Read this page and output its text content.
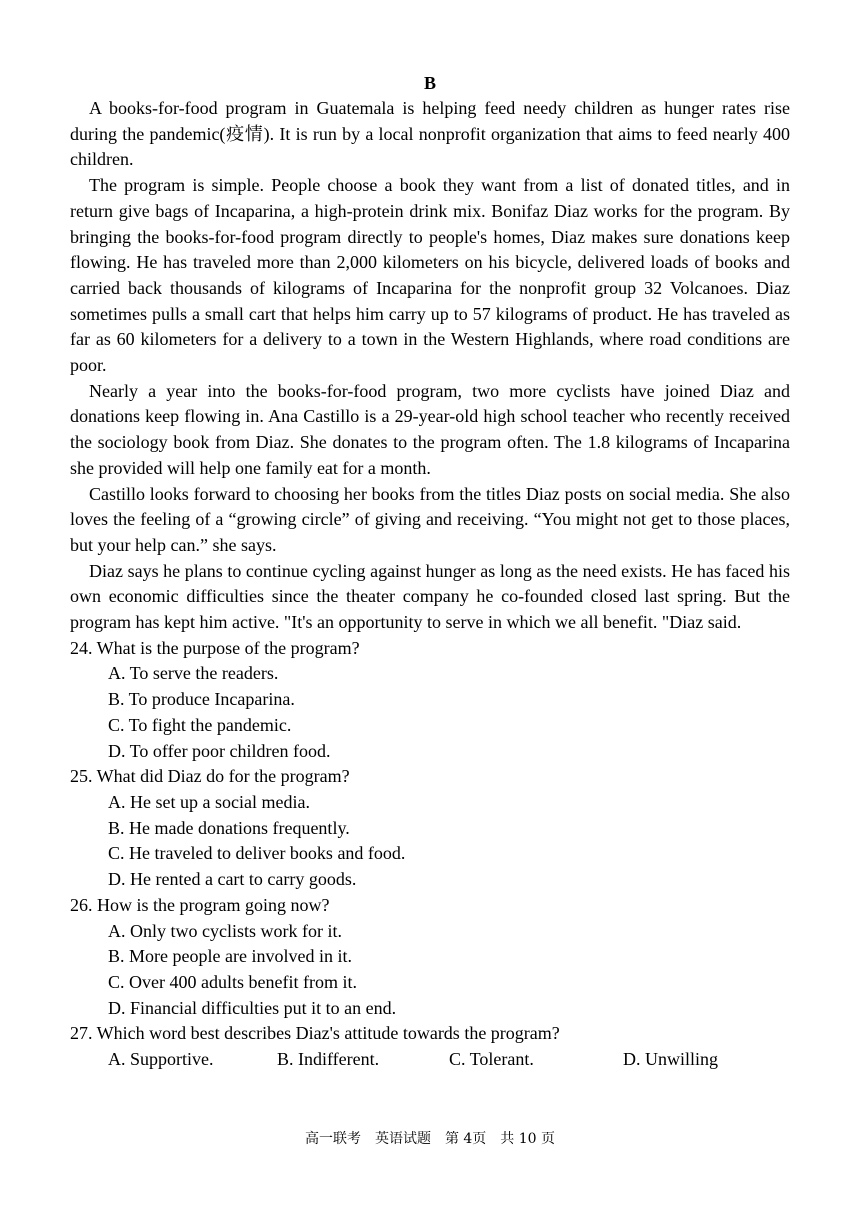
B

A books-for-food program in Guatemala is helping feed needy children as hunger rates rise during the pandemic(疫情). It is run by a local nonprofit organization that aims to feed nearly 400 children.

The program is simple. People choose a book they want from a list of donated titles, and in return give bags of Incaparina, a high-protein drink mix. Bonifaz Diaz works for the program. By bringing the books-for-food program directly to people's homes, Diaz makes sure donations keep flowing. He has traveled more than 2,000 kilometers on his bicycle, delivered loads of books and carried back thousands of kilograms of Incaparina for the nonprofit group 32 Volcanoes. Diaz sometimes pulls a small cart that helps him carry up to 57 kilograms of product. He has traveled as far as 60 kilometers for a delivery to a town in the Western Highlands, where road conditions are poor.

Nearly a year into the books-for-food program, two more cyclists have joined Diaz and donations keep flowing in. Ana Castillo is a 29-year-old high school teacher who recently received the sociology book from Diaz. She donates to the program often. The 1.8 kilograms of Incaparina she provided will help one family eat for a month.

Castillo looks forward to choosing her books from the titles Diaz posts on social media. She also loves the feeling of a “growing circle” of giving and receiving. “You might not get to those places, but your help can.” she says.

Diaz says he plans to continue cycling against hunger as long as the need exists. He has faced his own economic difficulties since the theater company he co-founded closed last spring. But the program has kept him active. "It's an opportunity to serve in which we all benefit. "Diaz said.

24. What is the purpose of the program?

A. To serve the readers.

B. To produce Incaparina.

C. To fight the pandemic.

D. To offer poor children food.

25. What did Diaz do for the program?

A. He set up a social media.

B. He made donations frequently.

C. He traveled to deliver books and food.

D. He rented a cart to carry goods.

26. How is the program going now?

A. Only two cyclists work for it.

B. More people are involved in it.

C. Over 400 adults benefit from it.

D. Financial difficulties put it to an end.

27. Which word best describes Diaz's attitude towards the program?

A. Supportive.	B. Indifferent.	C. Tolerant.	D. Unwilling
高一联考　英语试题　第 4页　共 10 页
